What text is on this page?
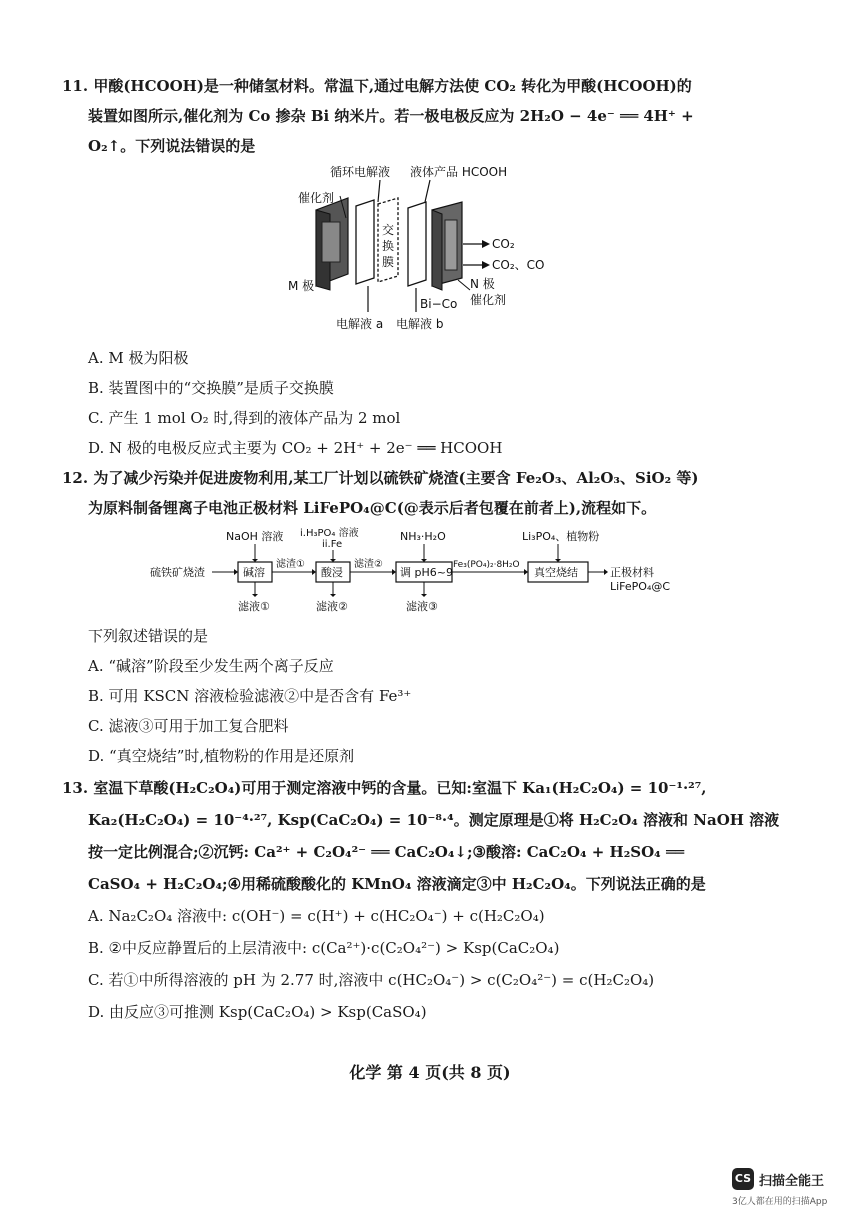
11. 甲酸(HCOOH)是一种储氢材料。常温下,通过电解方法使 CO₂ 转化为甲酸(HCOOH)的
装置如图所示,催化剂为 Co 掺杂 Bi 纳米片。若一极电极反应为 2H₂O − 4e⁻ ══ 4H⁺ +
O₂↑。下列说法错误的是
循环电解液 液体产品 HCOOH
催化剂
交
换
膜
CO₂
CO₂、CO
N 极
催化剂
Bi−Co
M 极
电解液 a 电解液 b
A. M 极为阳极
B. 装置图中的“交换膜”是质子交换膜
C. 产生 1 mol O₂ 时,得到的液体产品为 2 mol
D. N 极的电极反应式主要为 CO₂ + 2H⁺ + 2e⁻ ══ HCOOH
12. 为了减少污染并促进废物利用,某工厂计划以硫铁矿烧渣(主要含 Fe₂O₃、Al₂O₃、SiO₂ 等)
为原料制备锂离子电池正极材料 LiFePO₄@C(@表示后者包覆在前者上),流程如下。
硫铁矿烧渣	碱溶	酸浸	调 pH6~9	真空烧结
NaOH 溶液 i.H₃PO₄ 溶液
ii.Fe
NH₃·H₂O	Li₃PO₄、植物粉
滤渣①	滤渣②	Fe₃(PO₄)₂·8H₂O
滤液①	滤液②	滤液③
正极材料
LiFePO₄@C
下列叙述错误的是
A. “碱溶”阶段至少发生两个离子反应
B. 可用 KSCN 溶液检验滤液②中是否含有 Fe³⁺
C. 滤液③可用于加工复合肥料
D. “真空烧结”时,植物粉的作用是还原剂
13. 室温下草酸(H₂C₂O₄)可用于测定溶液中钙的含量。已知:室温下 Ka₁(H₂C₂O₄) = 10⁻¹·²⁷,
Ka₂(H₂C₂O₄) = 10⁻⁴·²⁷, Ksp(CaC₂O₄) = 10⁻⁸·⁴。测定原理是①将 H₂C₂O₄ 溶液和 NaOH 溶液
按一定比例混合;②沉钙: Ca²⁺ + C₂O₄²⁻ ══ CaC₂O₄↓;③酸溶: CaC₂O₄ + H₂SO₄ ══
CaSO₄ + H₂C₂O₄;④用稀硫酸酸化的 KMnO₄ 溶液滴定③中 H₂C₂O₄。下列说法正确的是
A. Na₂C₂O₄ 溶液中: c(OH⁻) = c(H⁺) + c(HC₂O₄⁻) + c(H₂C₂O₄)
B. ②中反应静置后的上层清液中: c(Ca²⁺)·c(C₂O₄²⁻) > Ksp(CaC₂O₄)
C. 若①中所得溶液的 pH 为 2.77 时,溶液中 c(HC₂O₄⁻) > c(C₂O₄²⁻) = c(H₂C₂O₄)
D. 由反应③可推测 Ksp(CaC₂O₄) > Ksp(CaSO₄)
化学 第 4 页(共 8 页)
CS 扫描全能王
3亿人都在用的扫描App
